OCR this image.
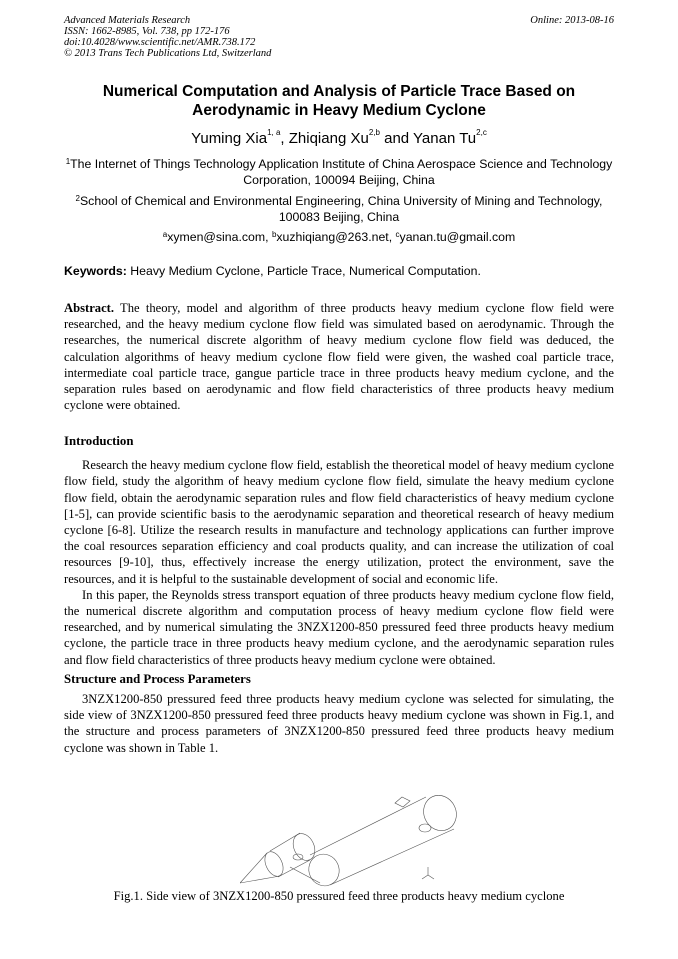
Advanced Materials Research
ISSN: 1662-8985, Vol. 738, pp 172-176
doi:10.4028/www.scientific.net/AMR.738.172
© 2013 Trans Tech Publications Ltd, Switzerland
Online: 2013-08-16
Numerical Computation and Analysis of Particle Trace Based on Aerodynamic in Heavy Medium Cyclone
Yuming Xia$^{1, a}$, Zhiqiang Xu$^{2,b}$ and Yanan Tu$^{2,c}$
$^1$The Internet of Things Technology Application Institute of China Aerospace Science and Technology Corporation, 100094 Beijing, China
$^2$School of Chemical and Environmental Engineering, China University of Mining and Technology, 100083 Beijing, China
$^a$xymen@sina.com, $^b$xuzhiqiang@263.net, $^c$yanan.tu@gmail.com
Keywords: Heavy Medium Cyclone, Particle Trace, Numerical Computation.

Abstract. The theory, model and algorithm of three products heavy medium cyclone flow field were researched, and the heavy medium cyclone flow field was simulated based on aerodynamic. Through the researches, the numerical discrete algorithm of heavy medium cyclone flow field was deduced, the calculation algorithms of heavy medium cyclone flow field were given, the washed coal particle trace, intermediate coal particle trace, gangue particle trace in three products heavy medium cyclone, and the separation rules based on aerodynamic and flow field characteristics of three products heavy medium cyclone were obtained.

Introduction

Research the heavy medium cyclone flow field, establish the theoretical model of heavy medium cyclone flow field, study the algorithm of heavy medium cyclone flow field, simulate the heavy medium cyclone flow field, obtain the aerodynamic separation rules and flow field characteristics of heavy medium cyclone [1-5], can provide scientific basis to the aerodynamic separation and theoretical research of heavy medium cyclone [6-8]. Utilize the research results in manufacture and technology applications can further improve the coal resources separation efficiency and coal products quality, and can increase the utilization of coal resources [9-10], thus, effectively increase the energy utilization, protect the environment, save the resources, and it is helpful to the sustainable development of social and economic life.

In this paper, the Reynolds stress transport equation of three products heavy medium cyclone flow field, the numerical discrete algorithm and computation process of heavy medium cyclone flow field were researched, and by numerical simulating the 3NZX1200-850 pressured feed three products heavy medium cyclone, the particle trace in three products heavy medium cyclone, and the aerodynamic separation rules and flow field characteristics of three products heavy medium cyclone were obtained.

Structure and Process Parameters

3NZX1200-850 pressured feed three products heavy medium cyclone was selected for simulating, the side view of 3NZX1200-850 pressured feed three products heavy medium cyclone was shown in Fig.1, and the structure and process parameters of 3NZX1200-850 pressured feed three products heavy medium cyclone was shown in Table 1.

Fig.1. Side view of 3NZX1200-850 pressured feed three products heavy medium cyclone
